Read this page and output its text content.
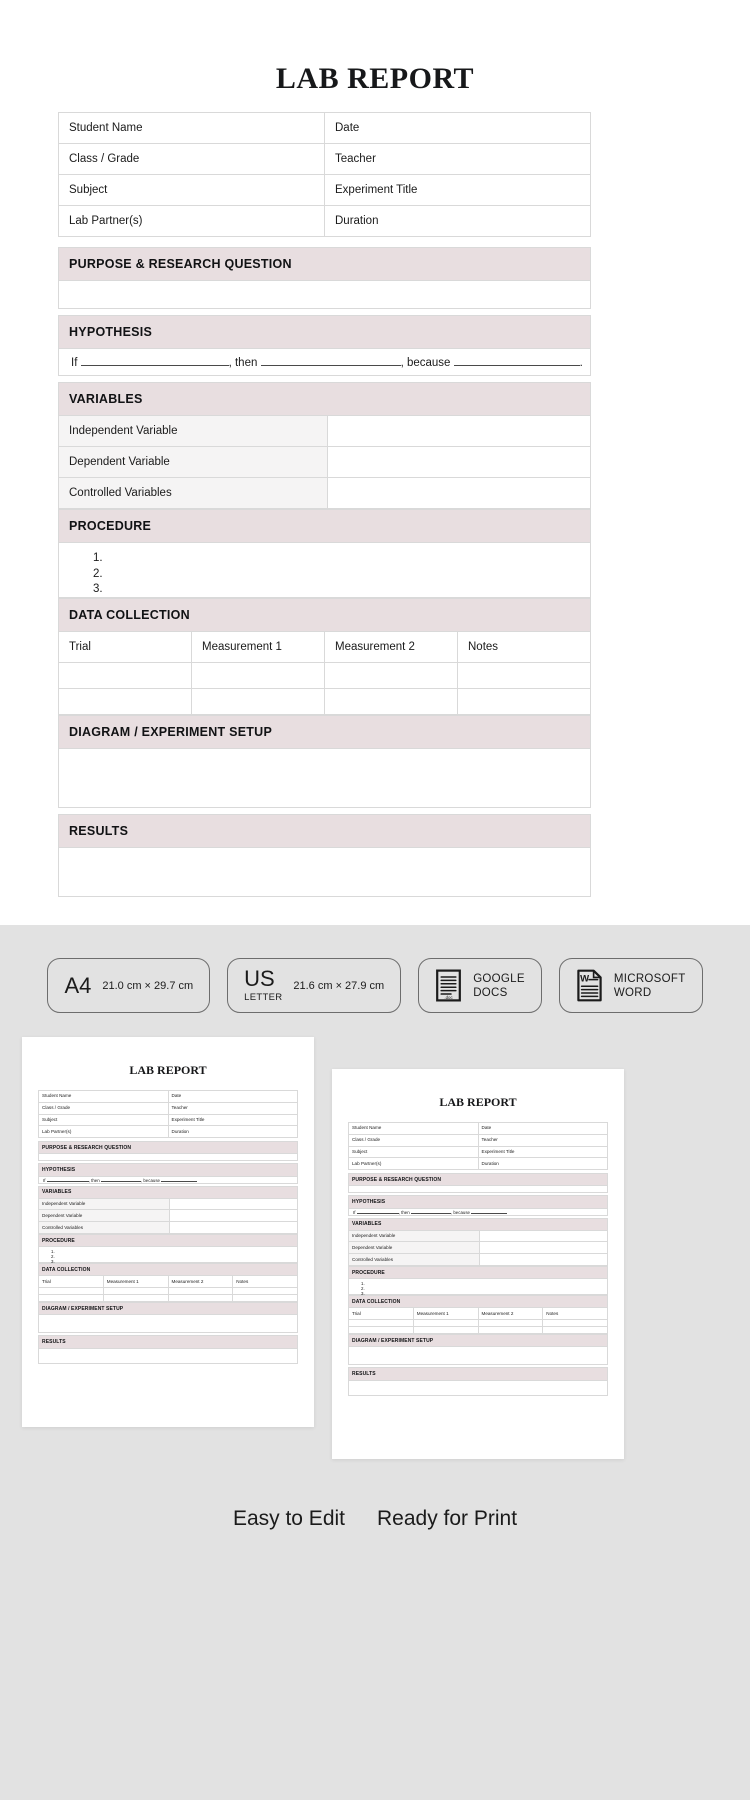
LAB REPORT
Student Name	Date
Class / Grade	Teacher
Subject	Experiment Title
Lab Partner(s)	Duration
PURPOSE & RESEARCH QUESTION
HYPOTHESIS
If	, then	, because	.
VARIABLES
Independent Variable	
Dependent Variable	
Controlled Variables	
PROCEDURE
1.
2.
3.
DATA COLLECTION
Trial	Measurement 1	Measurement 2	Notes

DIAGRAM / EXPERIMENT SETUP
RESULTS
A4 21.0 cm × 29.7 cm US
LETTER
21.6 cm × 27.9 cm
.doc
GOOGLE
DOCS
W MICROSOFT
WORD
LAB REPORT
Student Name	Date
Class / Grade	Teacher
Subject	Experiment Title
Lab Partner(s)	Duration
PURPOSE & RESEARCH QUESTION
HYPOTHESIS
If	, then	, because
VARIABLES
Independent Variable	
Dependent Variable	
Controlled Variables	
PROCEDURE
1.
2.
3.
DATA COLLECTION
Trial	Measurement 1	Measurement 2	Notes

DIAGRAM / EXPERIMENT SETUP
RESULTS
LAB REPORT
Student Name	Date
Class / Grade	Teacher
Subject	Experiment Title
Lab Partner(s)	Duration
PURPOSE & RESEARCH QUESTION
HYPOTHESIS
If	, then	, because
VARIABLES
Independent Variable	
Dependent Variable	
Controlled Variables	
PROCEDURE
1.
2.
3.
DATA COLLECTION
Trial	Measurement 1	Measurement 2	Notes

DIAGRAM / EXPERIMENT SETUP
RESULTS
Easy to Edit Ready for Print
